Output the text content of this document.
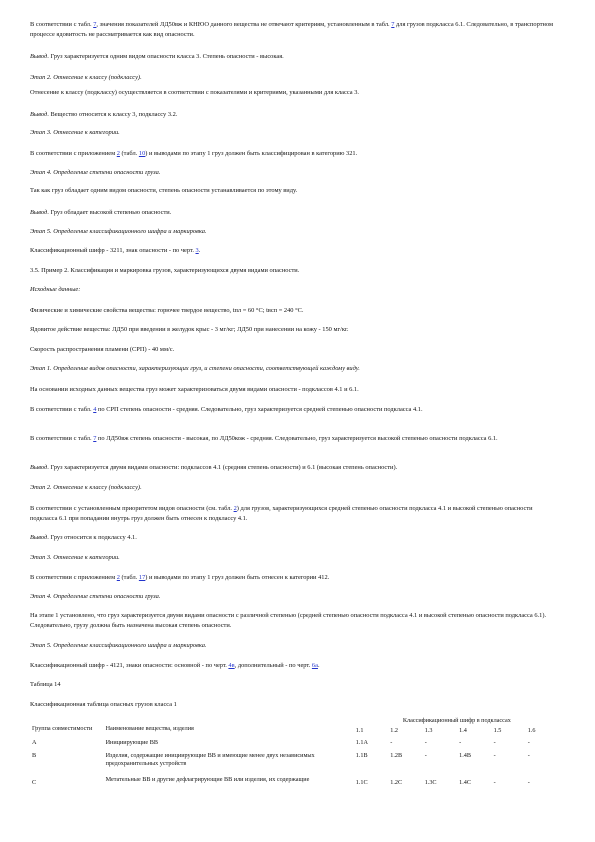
В соответствии с табл. 7, значения показателей ЛД50вж и КНЮО данного вещества не отвечают критериям, установленным в табл. 7 для грузов подкласса 6.1. Следовательно, в транспортном процессе ядовитость не рассматривается как вид опасности.

Вывод. Груз характеризуется одним видом опасности класса 3. Степень опасности - высокая.

Этап 2. Отнесение к классу (подклассу).

Отнесение к классу (подклассу) осуществляется в соответствии с показателями и критериями, указанными для класса 3.

Вывод. Вещество относится к классу 3, подклассу 3.2.

Этап 3. Отнесение к категории.

В соответствии с приложением 2 (табл. 10) и выводами по этапу 1 груз должен быть классифицирован в категорию 321.

Этап 4. Определение степени опасности груза.

Так как груз обладает одним видом опасности, степень опасности устанавливается по этому виду.

Вывод. Груз обладает высокой степенью опасности.

Этап 5. Определение классификационного шифра и маркировка.

Классификационный шифр - 3211, знак опасности - по черт. 3.

3.5. Пример 2. Классификация и маркировка грузов, характеризующихся двумя видами опасности.

Исходные данные:

Физические и химические свойства вещества: горючее твердое вещество, tпл = 60 °С; tвсп = 240 °С.

Ядовитое действие вещества: ЛД50 при введении в желудок крыс - 3 мг/кг; ЛД50 при нанесении на кожу - 150 мг/кг.

Скорость распространения пламени (СРП) - 40 мм/с.

Этап 1. Определение видов опасности, характеризующих груз, и степени опасности, соответствующей каждому виду.

На основании исходных данных вещества груз может характеризоваться двумя видами опасности - подклассов 4.1 и 6.1.

В соответствии с табл. 4 по СРП степень опасности - средняя. Следовательно, груз характеризуется средней степенью опасности подкласса 4.1.

В соответствии с табл. 7 по ЛД50вж степень опасности - высокая, по ЛД50кож - средняя. Следовательно, груз характеризуется высокой степенью опасности подкласса 6.1.

Вывод. Груз характеризуется двумя видами опасности: подклассов 4.1 (средняя степень опасности) и 6.1 (высокая степень опасности).

Этап 2. Отнесение к классу (подклассу).

В соответствии с установленным приоритетом видов опасности (см. табл. 2) для грузов, характеризующихся средней степенью опасности подкласса 4.1 и высокой степенью опасности подкласса 6.1 при попадании внутрь груз должен быть отнесен к подклассу 4.1.

Вывод. Груз относится к подклассу 4.1.

Этап 3. Отнесение к категории.

В соответствии с приложением 2 (табл. 17) и выводами по этапу 1 груз должен быть отнесен к категории 412.

Этап 4. Определение степени опасности груза.

На этапе 1 установлено, что груз характеризуется двумя видами опасности с различной степенью (средней степенью опасности подкласса 4.1 и высокой степенью опасности подкласса 6.1). Следовательно, грузу должна быть назначена высокая степень опасности.

Этап 5. Определение классификационного шифра и маркировка.

Классификационный шифр - 4121, знаки опасности: основной - по черт. 4в, дополнительный - по черт. 6а.

Таблица 14

Классификационная таблица опасных грузов класса 1

Группа совместимости	Наименование вещества, изделия	Классификационный шифр в подклассах					
		1.1	1.2	1.3	1.4	1.5	1.6
А	Инициирующие ВВ	1.1А	-	-	-	-	-
В	Изделия, содержащие инициирующие ВВ и имеющие менее двух независимых предохранительных устройств	1.1В	1.2В	-	1.4В	-	-
С	Метательные ВВ и другие дефлагрирующие ВВ или изделия, их содержащие	1.1С	1.2С	1.3С	1.4С	-	-
